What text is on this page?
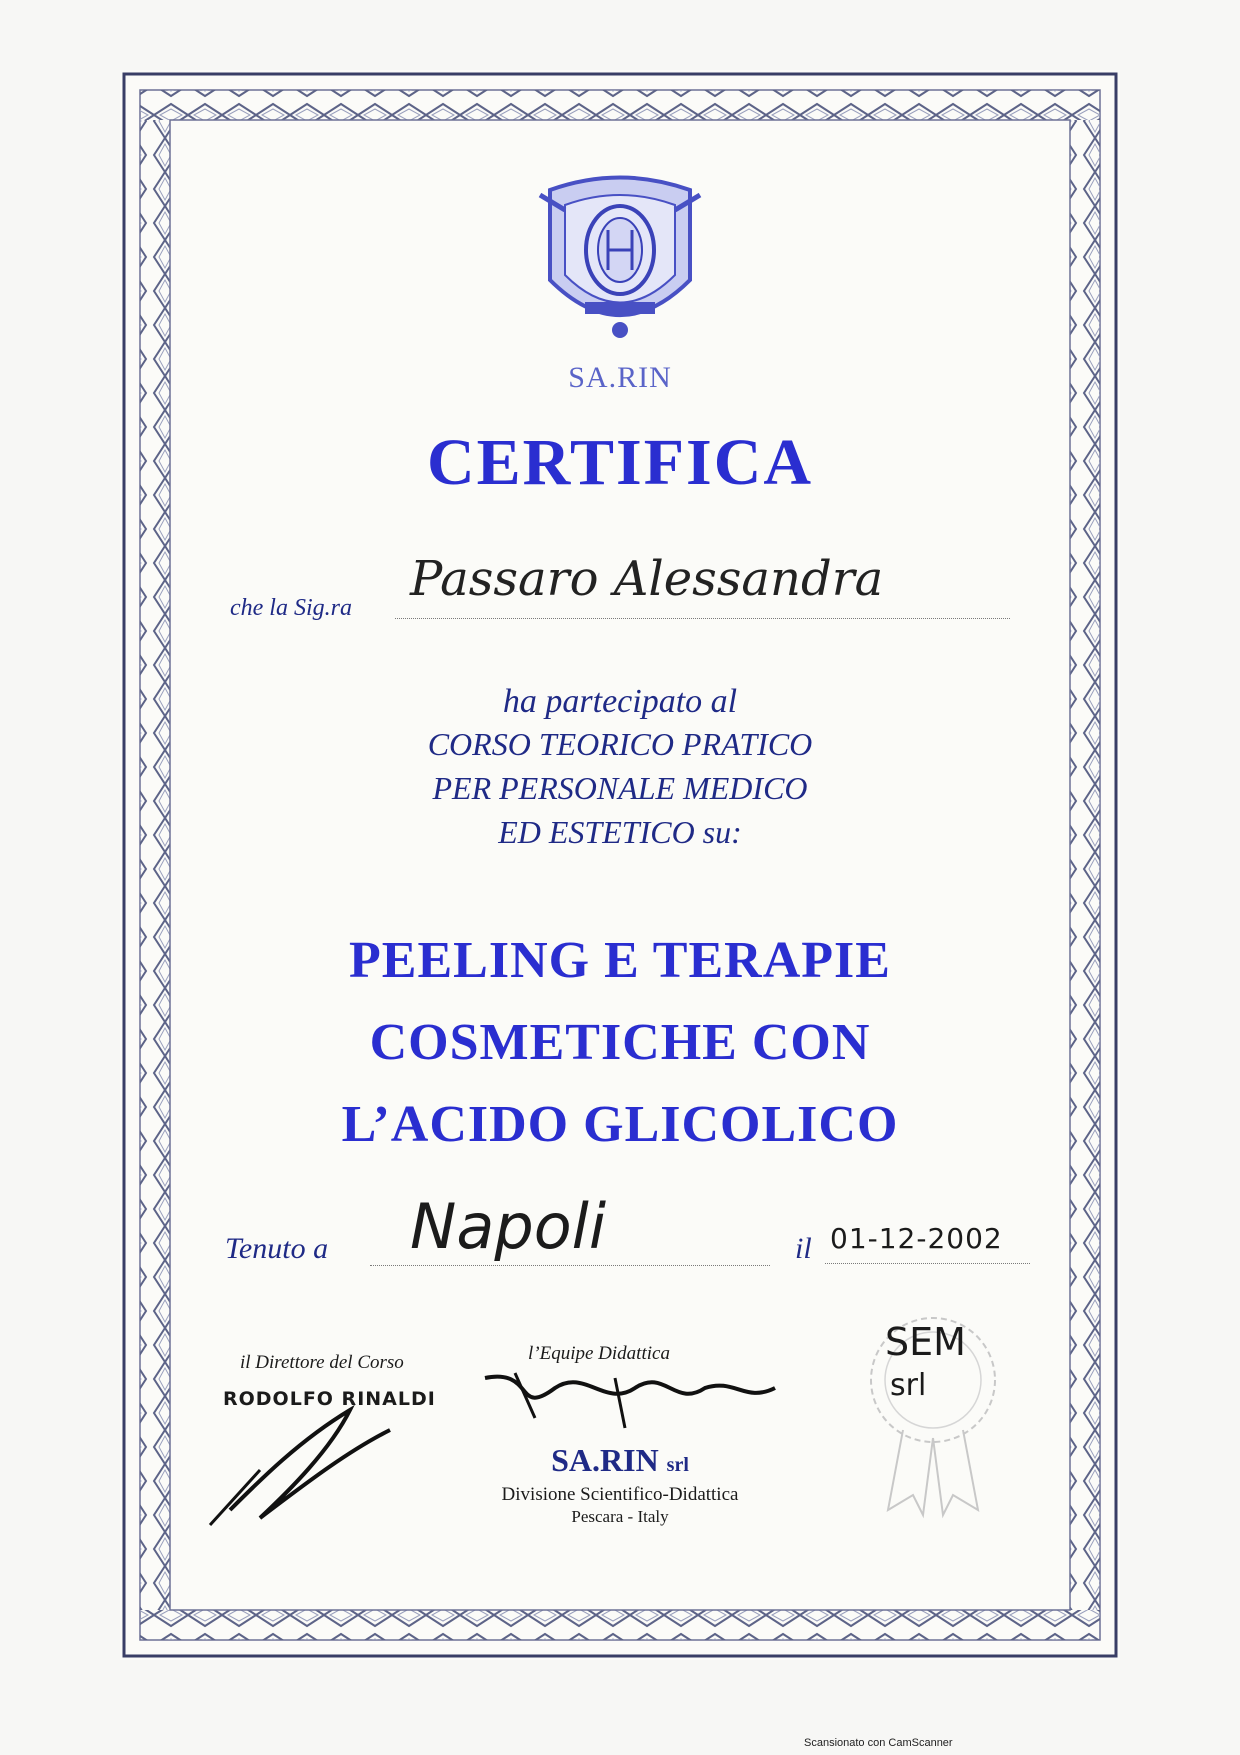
SA.RIN
CERTIFICA
che la Sig.ra
Passaro Alessandra
ha partecipato al
CORSO TEORICO PRATICO
PER PERSONALE MEDICO
ED ESTETICO su:
PEELING E TERAPIE
COSMETICHE CON
L’ACIDO GLICOLICO
Tenuto a Napoli	il 01-12-2002
il Direttore del Corso	l’Equipe Didattica
RODOLFO RINALDI
SA.RIN srl
Divisione Scientifico-Didattica
Pescara - Italy
SEM
srl
Scansionato con CamScanner
